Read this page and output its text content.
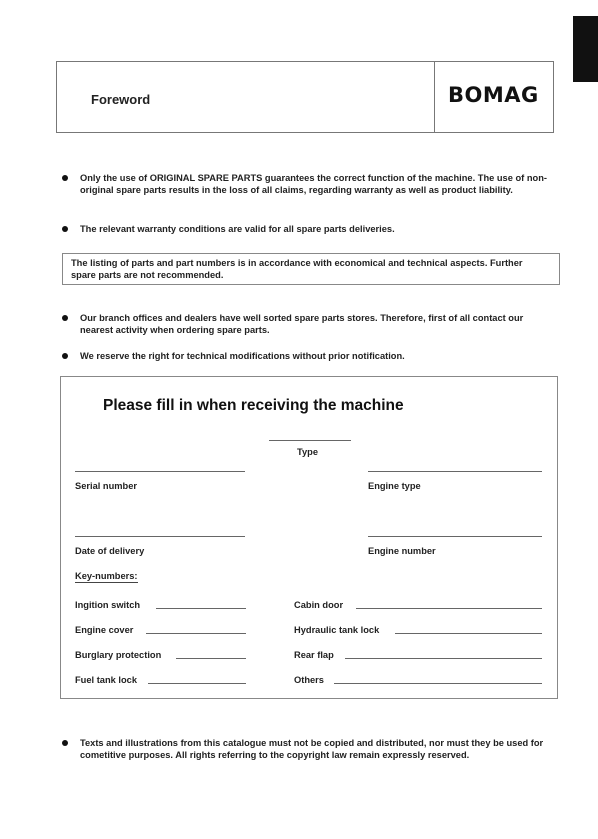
Foreword	BOMAG
Only the use of ORIGINAL SPARE PARTS guarantees the correct function of the machine. The use of non-original spare parts results in the loss of all claims, regarding warranty as well as product liability.
The relevant warranty conditions are valid for all spare parts deliveries.
The listing of parts and part numbers is in accordance with economical and technical aspects. Further spare parts are not recommended.
Our branch offices and dealers have well sorted spare parts stores. Therefore, first of all contact our nearest activity when ordering spare parts.
We reserve the right for technical modifications without prior notification.
Please fill in when receiving the machine
Type
Serial number	Engine type
Date of delivery	Engine number
Key-numbers:
Ingition switch	Cabin door
Engine cover	Hydraulic tank lock
Burglary protection	Rear flap
Fuel tank lock	Others
Texts and illustrations from this catalogue must not be copied and distributed, nor must they be used for cometitive purposes. All rights referring to the copyright law remain expressly reserved.
